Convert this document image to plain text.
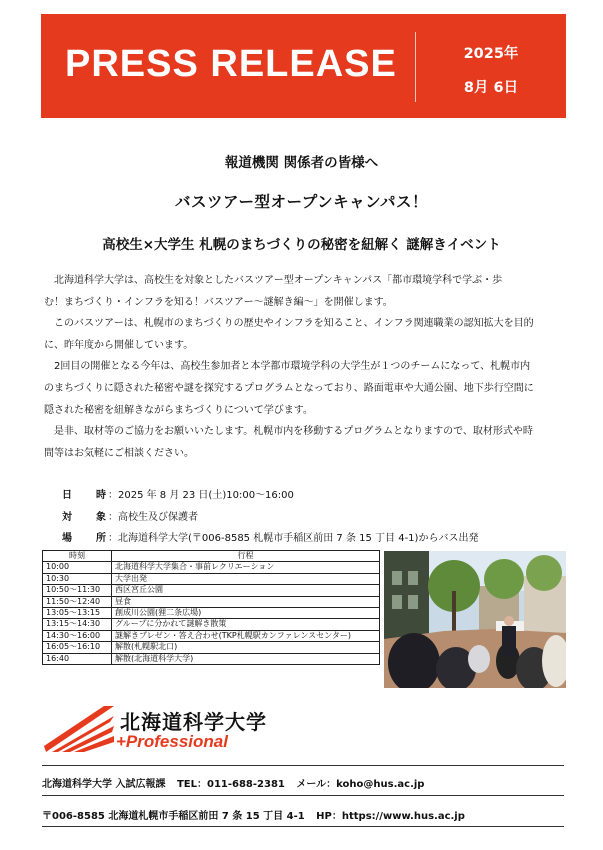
PRESS RELEASE	2025年
8月 6日
報道機関 関係者の皆様へ
バスツアー型オープンキャンパス！
高校生×大学生 札幌のまちづくりの秘密を紐解く 謎解きイベント

　北海道科学大学は、高校生を対象としたバスツアー型オープンキャンパス「都市環境学科で学ぶ・歩

む！まちづくり・インフラを知る！バスツアー～謎解き編～」を開催します。

　このバスツアーは、札幌市のまちづくりの歴史やインフラを知ること、インフラ関連職業の認知拡大を目的

に、昨年度から開催しています。

　2回目の開催となる今年は、高校生参加者と本学都市環境学科の大学生が１つのチームになって、札幌市内

のまちづくりに隠された秘密や謎を探究するプログラムとなっており、路面電車や大通公園、地下歩行空間に

隠された秘密を紐解きながらまちづくりについて学びます。

　是非、取材等のご協力をお願いいたします。札幌市内を移動するプログラムとなりますので、取材形式や時

間等はお気軽にご相談ください。

日 時 ：2025 年 8 月 23 日(土)10:00～16:00
対 象 ：高校生及び保護者
場 所 ：北海道科学大学(〒006-8585 札幌市手稲区前田 7 条 15 丁目 4-1)からバス出発
時刻	行程
10:00	北海道科学大学集合・事前レクリエーション
10:30	大学出発
10:50～11:30	西区宮丘公園
11:50～12:40	昼食
13:05～13:15	創成川公園(狸二条広場)
13:15～14:30	グループに分かれて謎解き散策
14:30～16:00	謎解きプレゼン・答え合わせ(TKP札幌駅カンファレンスセンター)
16:05～16:10	解散(札幌駅北口)
16:40	解散(北海道科学大学)
北海道科学大学
+Professional
北海道科学大学 入試広報課 TEL：011-688-2381 メール：koho@hus.ac.jp
〒006-8585 北海道札幌市手稲区前田 7 条 15 丁目 4-1 HP：https://www.hus.ac.jp
